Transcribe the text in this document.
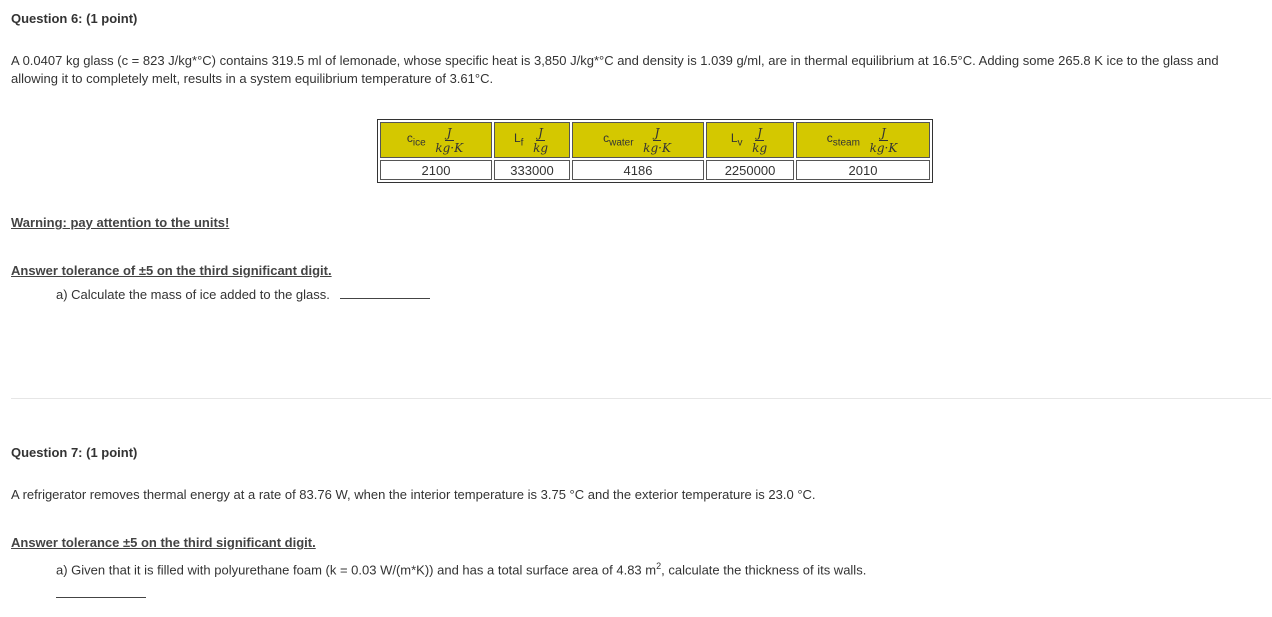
Question 6: (1 point)
A 0.0407 kg glass (c = 823 J/kg*°C) contains 319.5 ml of lemonade, whose specific heat is 3,850 J/kg*°C and density is 1.039 g/ml, are in thermal equilibrium at 16.5°C. Adding some 265.8 K ice to the glass and
allowing it to completely melt, results in a system equilibrium temperature of 3.61°C.
$c_{ice} \frac{J}{kg\cdot K}$	$L_f \frac{J}{kg}$	$c_{water} \frac{J}{kg\cdot K}$	$L_v \frac{J}{kg}$	$c_{steam} \frac{J}{kg\cdot K}$

2100	333000	4186	2250000	2010
Warning: pay attention to the units!
Answer tolerance of ±5 on the third significant digit.
a) Calculate the mass of ice added to the glass.
Question 7: (1 point)
A refrigerator removes thermal energy at a rate of 83.76 W, when the interior temperature is 3.75 °C and the exterior temperature is 23.0 °C.
Answer tolerance ±5 on the third significant digit.
a) Given that it is filled with polyurethane foam (k = 0.03 W/(m*K)) and has a total surface area of 4.83 $m^2$, calculate the thickness of its walls.
